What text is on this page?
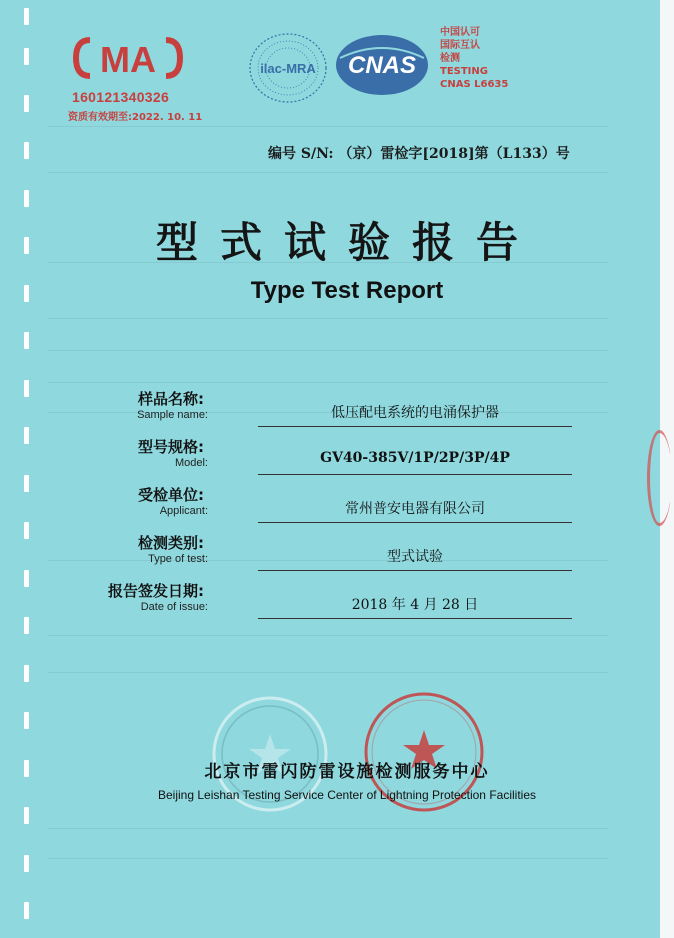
MA
160121340326
资质有效期至:2022. 10. 11
ilac-MRA CNAS
中国认可
国际互认
检测
TESTING
CNAS L6635
编号 S/N: （京）雷检字[2018]第（L133）号
型式试验报告
Type Test Report
样品名称:
Sample name:	低压配电系统的电涌保护器
型号规格:
Model:	GV40-385V/1P/2P/3P/4P
受检单位:
Applicant:	常州普安电器有限公司
检测类别:
Type of test:	型式试验
报告签发日期:
Date of issue:	2018 年 4 月 28 日
北京市雷闪防雷设施检测服务中心
Beijing Leishan Testing Service Center of Lightning Protection Facilities
